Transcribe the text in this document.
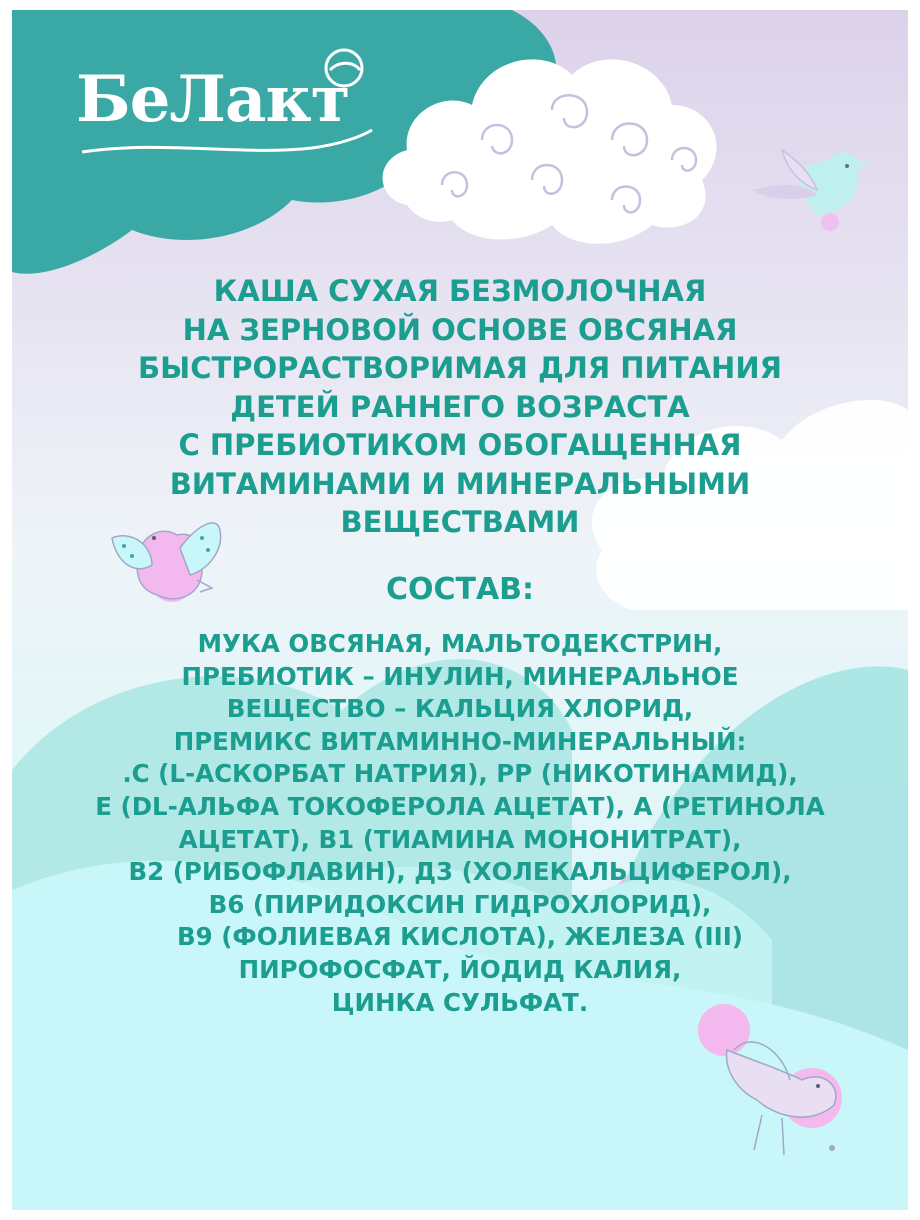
БеЛакт
КАША СУХАЯ БЕЗМОЛОЧНАЯ
НА ЗЕРНОВОЙ ОСНОВЕ ОВСЯНАЯ
БЫСТРОРАСТВОРИМАЯ ДЛЯ ПИТАНИЯ
ДЕТЕЙ РАННЕГО ВОЗРАСТА
С ПРЕБИОТИКОМ ОБОГАЩЕННАЯ
ВИТАМИНАМИ И МИНЕРАЛЬНЫМИ
ВЕЩЕСТВАМИ
СОСТАВ:
МУКА ОВСЯНАЯ, МАЛЬТОДЕКСТРИН,
ПРЕБИОТИК – ИНУЛИН, МИНЕРАЛЬНОЕ
ВЕЩЕСТВО – КАЛЬЦИЯ ХЛОРИД,
ПРЕМИКС ВИТАМИННО-МИНЕРАЛЬНЫЙ:
.С (L-АСКОРБАТ НАТРИЯ), РР (НИКОТИНАМИД),
Е (DL-АЛЬФА ТОКОФЕРОЛА АЦЕТАТ), А (РЕТИНОЛА
АЦЕТАТ), В1 (ТИАМИНА МОНОНИТРАТ),
В2 (РИБОФЛАВИН), Д3 (ХОЛЕКАЛЬЦИФЕРОЛ),
В6 (ПИРИДОКСИН ГИДРОХЛОРИД),
В9 (ФОЛИЕВАЯ КИСЛОТА), ЖЕЛЕЗА (III)
ПИРОФОСФАТ, ЙОДИД КАЛИЯ,
ЦИНКА СУЛЬФАТ.
